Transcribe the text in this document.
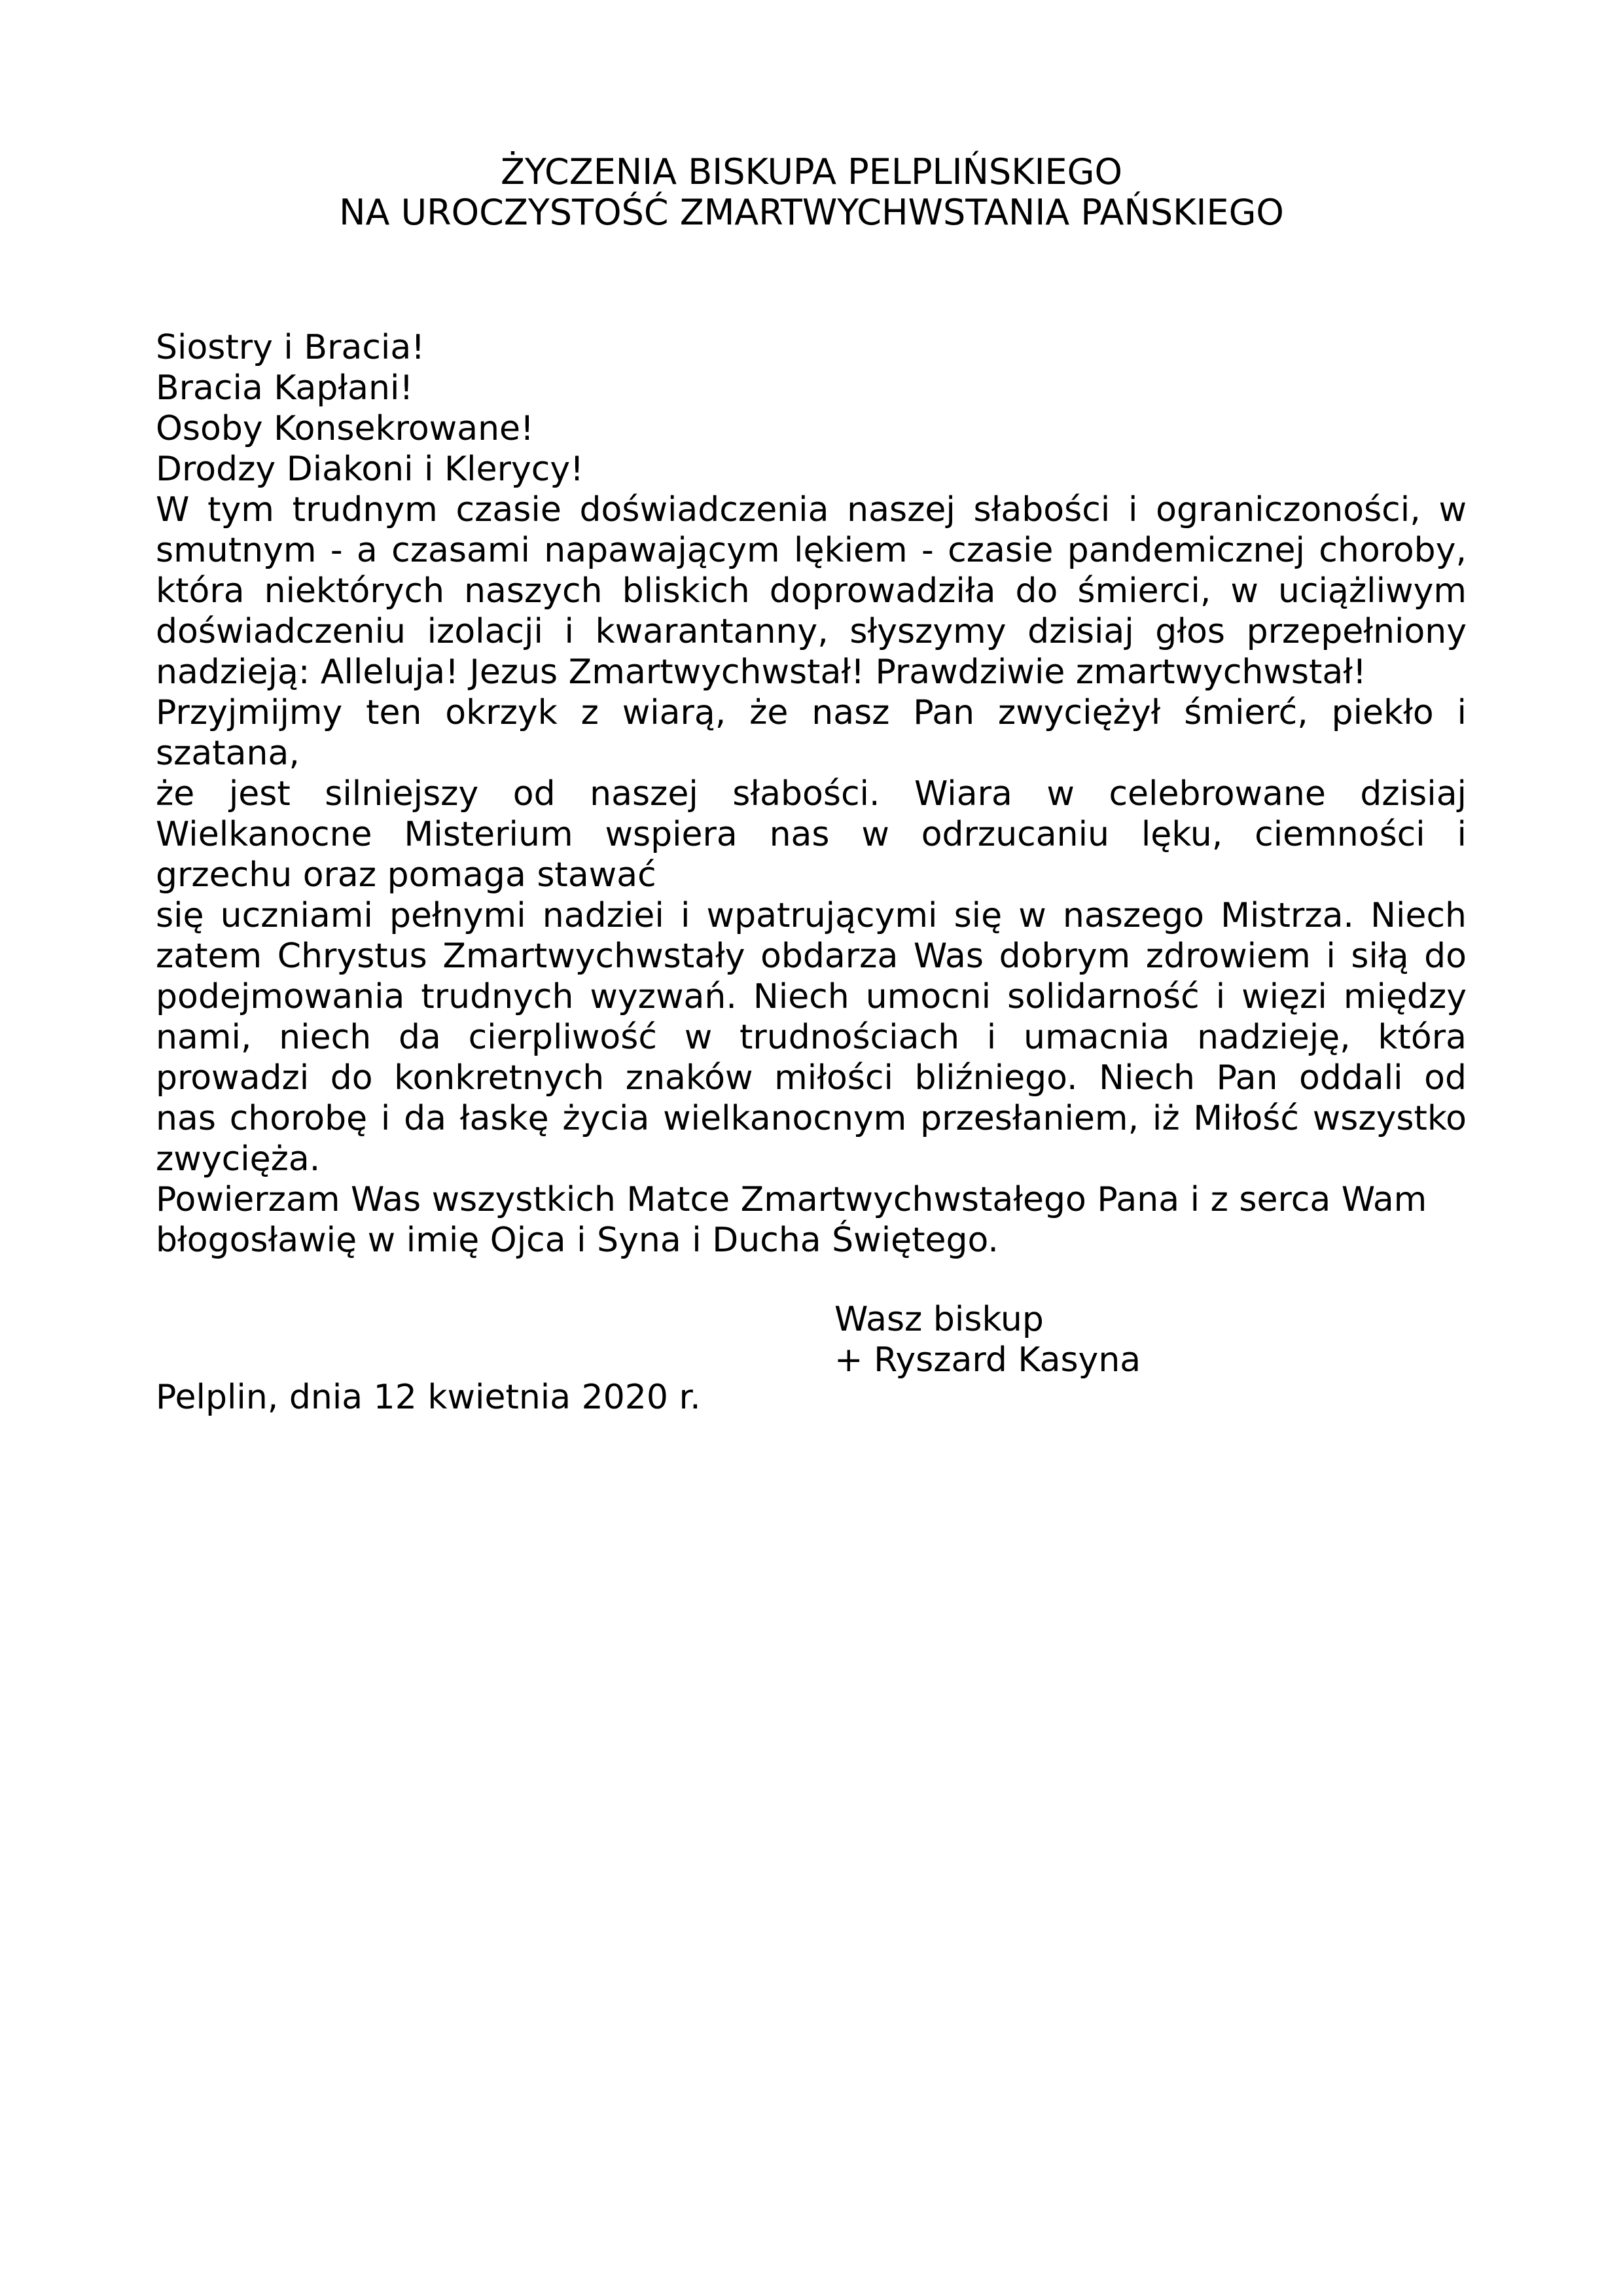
ŻYCZENIA BISKUPA PELPLIŃSKIEGO
NA UROCZYSTOŚĆ ZMARTWYCHWSTANIA PAŃSKIEGO
Siostry i Bracia!
Bracia Kapłani!
Osoby Konsekrowane!
Drodzy Diakoni i Klerycy!
W tym trudnym czasie doświadczenia naszej słabości i ograniczoności, w
smutnym - a czasami napawającym lękiem - czasie pandemicznej choroby,
która niektórych naszych bliskich doprowadziła do śmierci, w uciążliwym
doświadczeniu izolacji i kwarantanny, słyszymy dzisiaj głos przepełniony
nadzieją: Alleluja! Jezus Zmartwychwstał! Prawdziwie zmartwychwstał!
Przyjmijmy ten okrzyk z wiarą, że nasz Pan zwyciężył śmierć, piekło i
szatana,
że jest silniejszy od naszej słabości. Wiara w celebrowane dzisiaj
Wielkanocne Misterium wspiera nas w odrzucaniu lęku, ciemności i
grzechu oraz pomaga stawać
się uczniami pełnymi nadziei i wpatrującymi się w naszego Mistrza. Niech
zatem Chrystus Zmartwychwstały obdarza Was dobrym zdrowiem i siłą do
podejmowania trudnych wyzwań. Niech umocni solidarność i więzi między
nami, niech da cierpliwość w trudnościach i umacnia nadzieję, która
prowadzi do konkretnych znaków miłości bliźniego. Niech Pan oddali od
nas chorobę i da łaskę życia wielkanocnym przesłaniem, iż Miłość wszystko
zwycięża.
Powierzam Was wszystkich Matce Zmartwychwstałego Pana i z serca Wam
błogosławię w imię Ojca i Syna i Ducha Świętego.
Wasz biskup
+ Ryszard Kasyna
Pelplin, dnia 12 kwietnia 2020 r.
